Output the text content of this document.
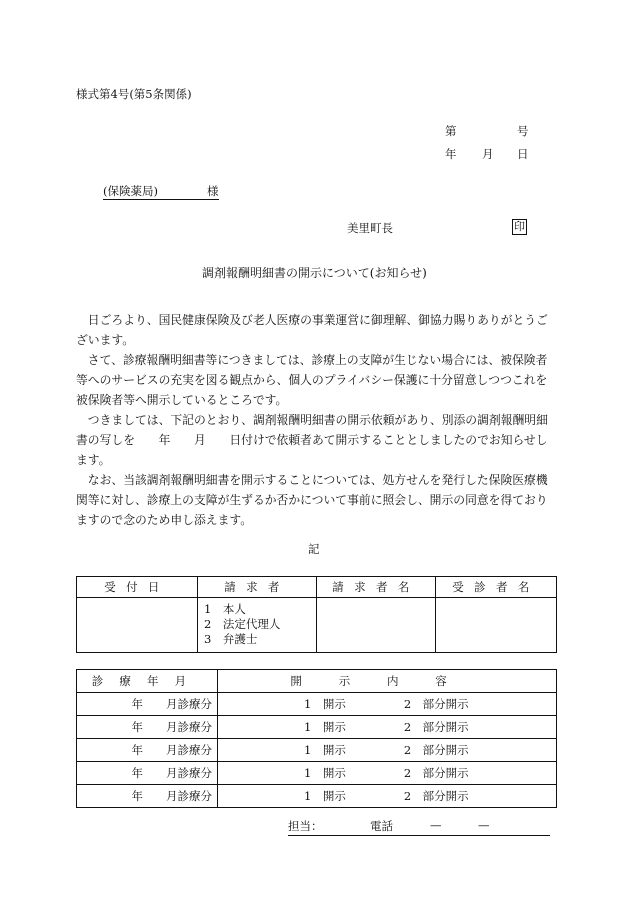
様式第4号(第5条関係)
第	号
年 月 日
(保険薬局)	様
美里町長	印
調剤報酬明細書の開示について(お知らせ)

日ごろより、国民健康保険及び老人医療の事業運営に御理解、御協力賜りありがとうございます。

さて、診療報酬明細書等につきましては、診療上の支障が生じない場合には、被保険者等へのサービスの充実を図る観点から、個人のプライバシー保護に十分留意しつつこれを被保険者等へ開示しているところです。

つきましては、下記のとおり、調剤報酬明細書の開示依頼があり、別添の調剤報酬明細書の写しを　　年　　月　　日付けで依頼者あて開示することとしましたのでお知らせします。

なお、当該調剤報酬明細書を開示することについては、処方せんを発行した保険医療機関等に対し、診療上の支障が生ずるか否かについて事前に照会し、開示の同意を得ておりますので念のため申し添えます。

記
受付日	請求者	請求者名	受診者名

	1　本人
2　法定代理人
3　弁護士		

診療年月	開示内容
年　　月診療分	1　開示 2　部分開示
年　　月診療分	1　開示 2　部分開示
年　　月診療分	1　開示 2　部分開示
年　　月診療分	1　開示 2　部分開示
年　　月診療分	1　開示 2　部分開示
担当：	電話	—	—
